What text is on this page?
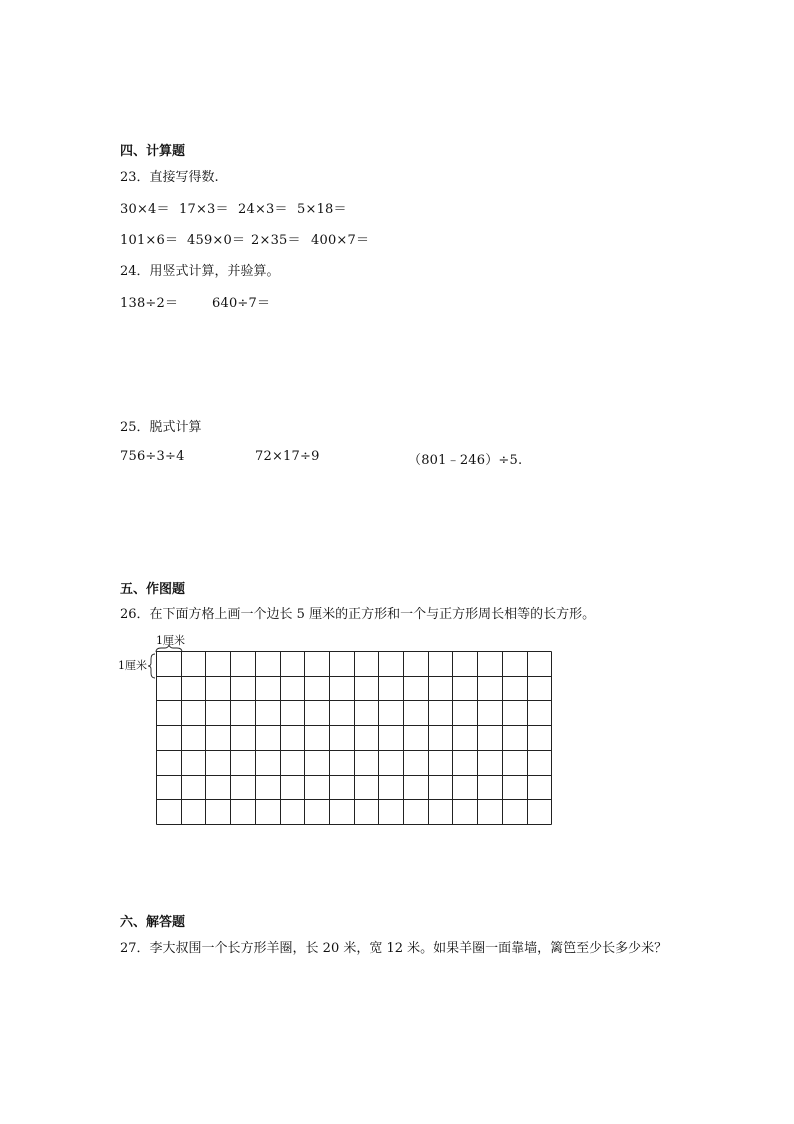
四、计算题
23．直接写得数.
30×4＝ 17×3＝ 24×3＝ 5×18＝
101×6＝ 459×0＝ 2×35＝ 400×7＝
24．用竖式计算，并验算。
138÷2＝	640÷7＝
25．脱式计算
756÷3÷4	72×17÷9	（801﹣246）÷5.
五、作图题
26．在下面方格上画一个边长 5 厘米的正方形和一个与正方形周长相等的长方形。
1厘米
1厘米
六、解答题
27．李大叔围一个长方形羊圈，长 20 米，宽 12 米。如果羊圈一面靠墙，篱笆至少长多少米？
